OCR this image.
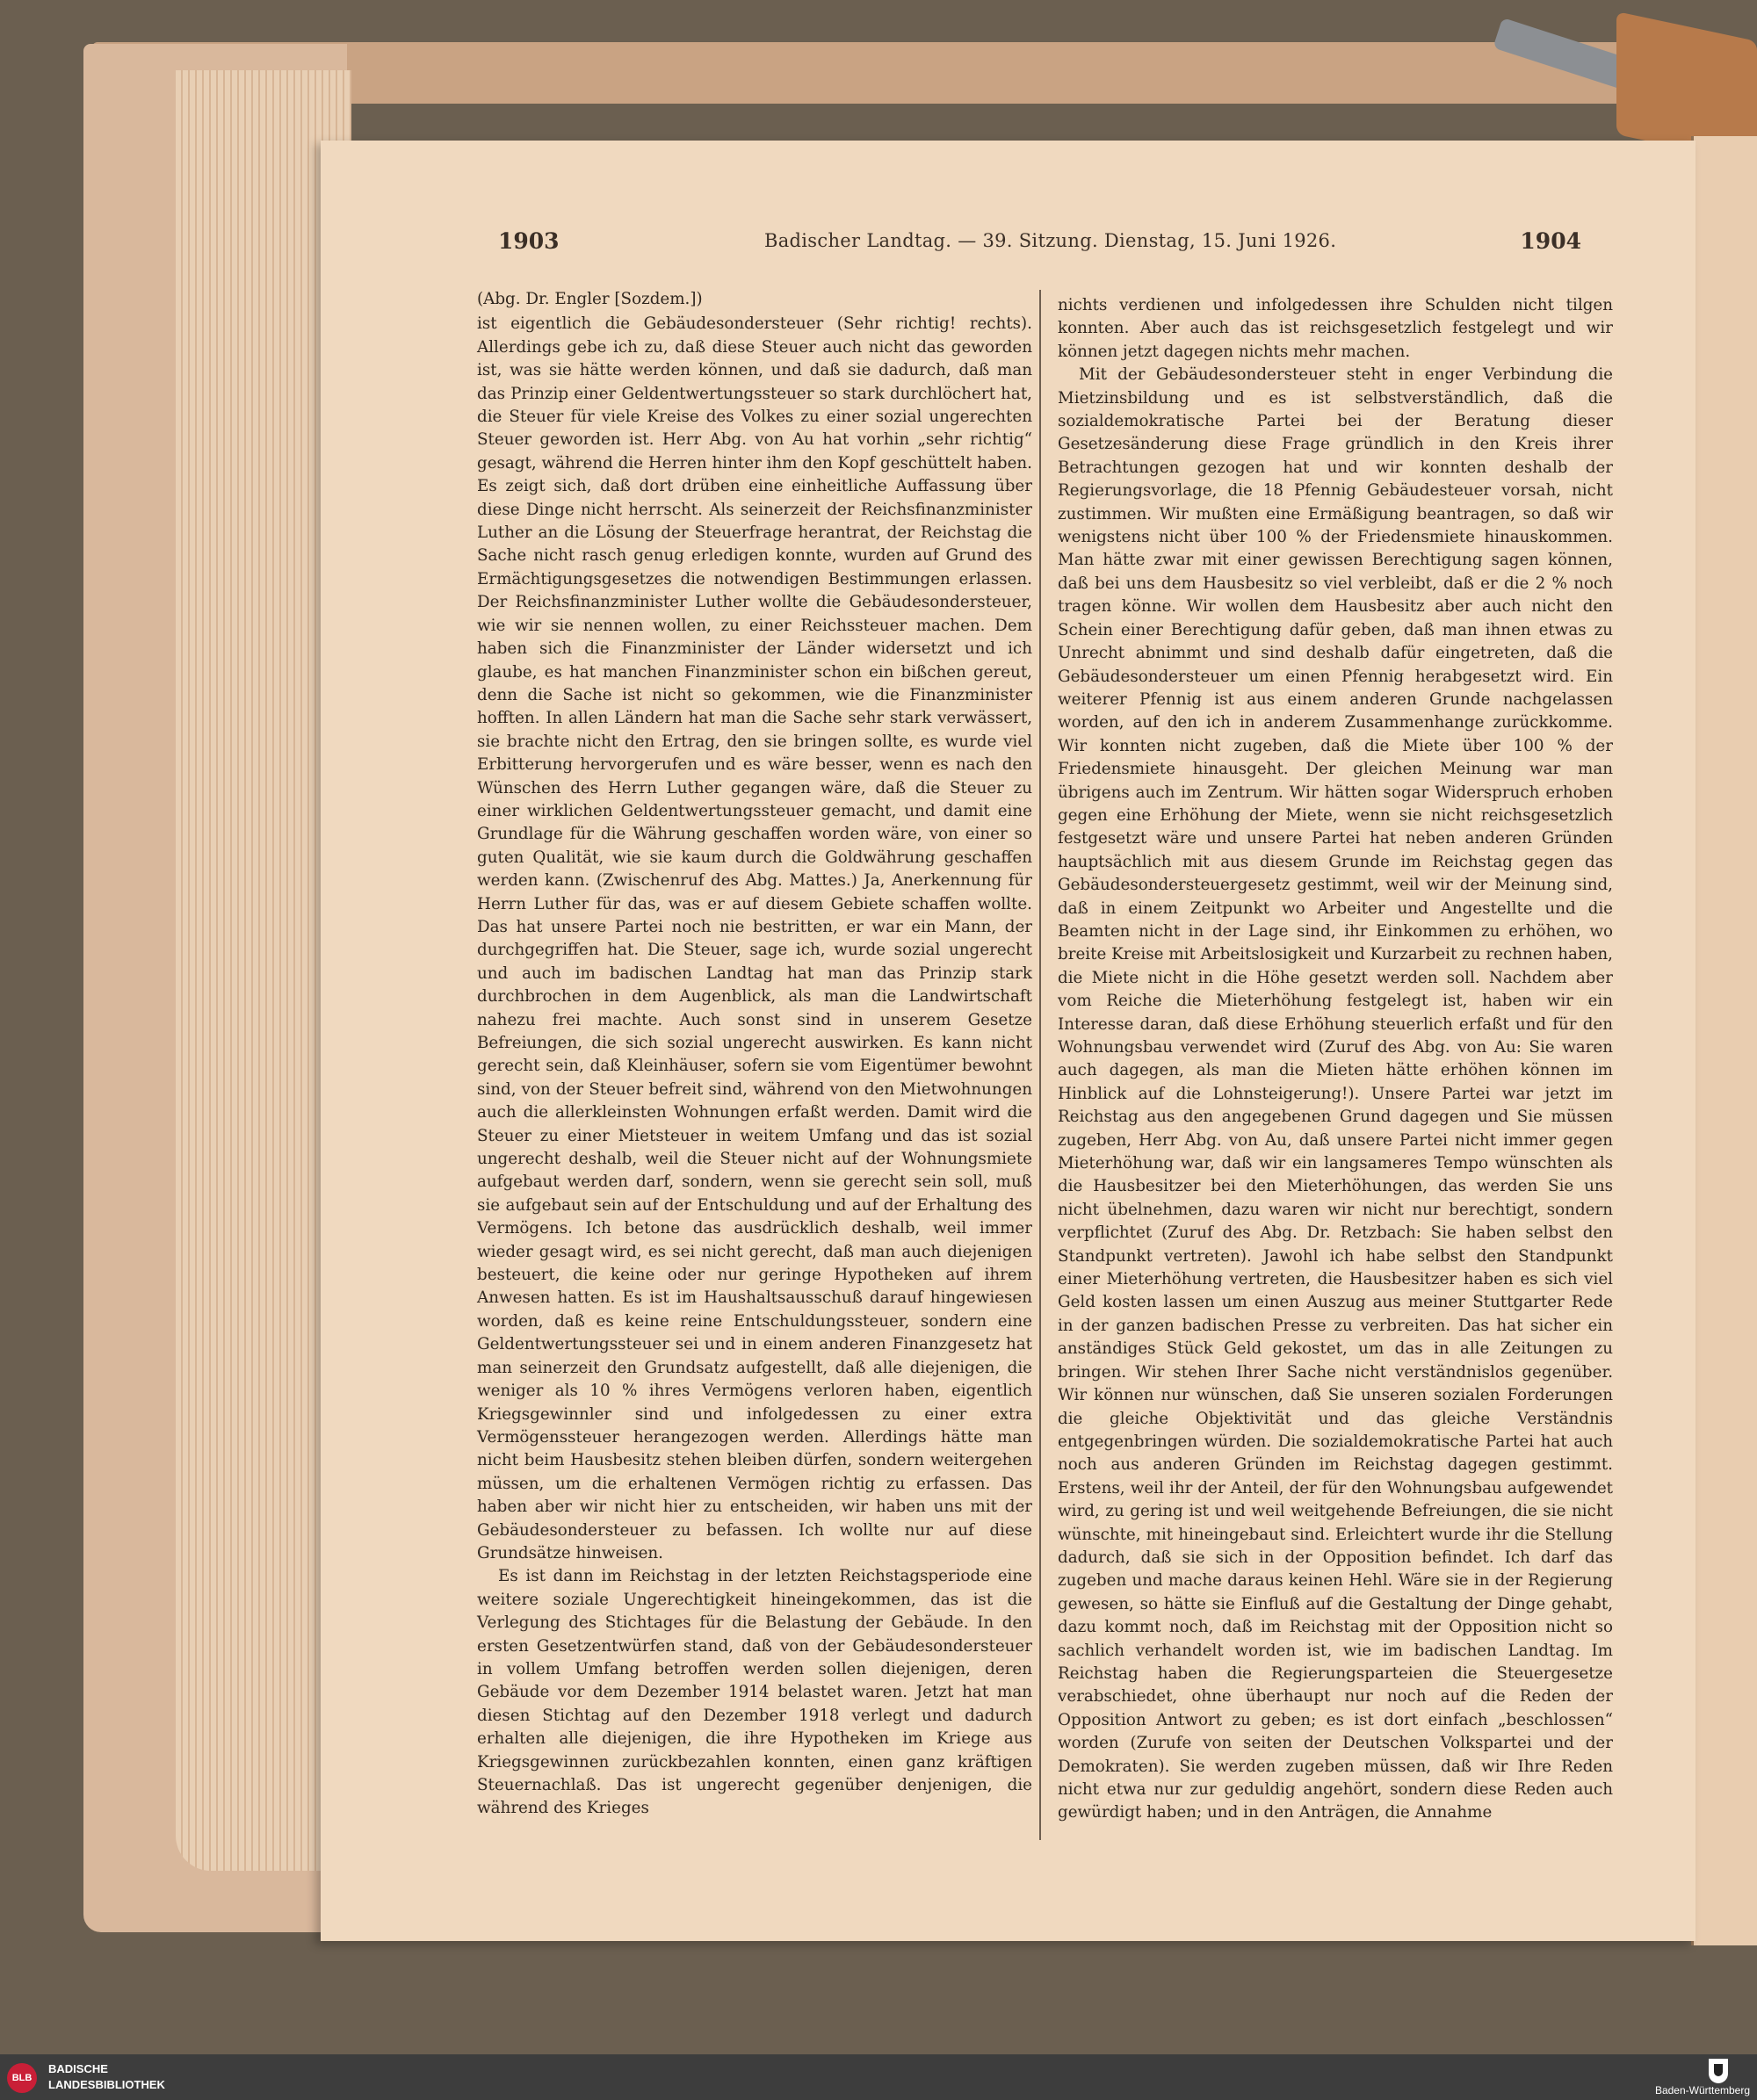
1903	Badischer Landtag. — 39. Sitzung. Dienstag, 15. Juni 1926.	1904
(Abg. Dr. Engler [Sozdem.])

ist eigentlich die Gebäudesondersteuer (Sehr richtig! rechts). Allerdings gebe ich zu, daß diese Steuer auch nicht das geworden ist, was sie hätte werden können, und daß sie dadurch, daß man das Prinzip einer Geldentwertungssteuer so stark durchlöchert hat, die Steuer für viele Kreise des Volkes zu einer sozial ungerechten Steuer geworden ist. Herr Abg. von Au hat vorhin „sehr richtig“ gesagt, während die Herren hinter ihm den Kopf geschüttelt haben. Es zeigt sich, daß dort drüben eine einheitliche Auffassung über diese Dinge nicht herrscht. Als seinerzeit der Reichsfinanzminister Luther an die Lösung der Steuerfrage herantrat, der Reichstag die Sache nicht rasch genug erledigen konnte, wurden auf Grund des Ermächtigungsgesetzes die notwendigen Bestimmungen erlassen. Der Reichsfinanzminister Luther wollte die Gebäudesondersteuer, wie wir sie nennen wollen, zu einer Reichssteuer machen. Dem haben sich die Finanzminister der Länder widersetzt und ich glaube, es hat manchen Finanzminister schon ein bißchen gereut, denn die Sache ist nicht so gekommen, wie die Finanzminister hofften. In allen Ländern hat man die Sache sehr stark verwässert, sie brachte nicht den Ertrag, den sie bringen sollte, es wurde viel Erbitterung hervorgerufen und es wäre besser, wenn es nach den Wünschen des Herrn Luther gegangen wäre, daß die Steuer zu einer wirklichen Geldentwertungssteuer gemacht, und damit eine Grundlage für die Währung geschaffen worden wäre, von einer so guten Qualität, wie sie kaum durch die Goldwährung geschaffen werden kann. (Zwischenruf des Abg. Mattes.) Ja, Anerkennung für Herrn Luther für das, was er auf diesem Gebiete schaffen wollte. Das hat unsere Partei noch nie bestritten, er war ein Mann, der durchgegriffen hat. Die Steuer, sage ich, wurde sozial ungerecht und auch im badischen Landtag hat man das Prinzip stark durchbrochen in dem Augenblick, als man die Landwirtschaft nahezu frei machte. Auch sonst sind in unserem Gesetze Befreiungen, die sich sozial ungerecht auswirken. Es kann nicht gerecht sein, daß Kleinhäuser, sofern sie vom Eigentümer bewohnt sind, von der Steuer befreit sind, während von den Mietwohnungen auch die allerkleinsten Wohnungen erfaßt werden. Damit wird die Steuer zu einer Mietsteuer in weitem Umfang und das ist sozial ungerecht deshalb, weil die Steuer nicht auf der Wohnungsmiete aufgebaut werden darf, sondern, wenn sie gerecht sein soll, muß sie aufgebaut sein auf der Entschuldung und auf der Erhaltung des Vermögens. Ich betone das ausdrücklich deshalb, weil immer wieder gesagt wird, es sei nicht gerecht, daß man auch diejenigen besteuert, die keine oder nur geringe Hypotheken auf ihrem Anwesen hatten. Es ist im Haushaltsausschuß darauf hingewiesen worden, daß es keine reine Entschuldungssteuer, sondern eine Geldentwertungssteuer sei und in einem anderen Finanzgesetz hat man seinerzeit den Grundsatz aufgestellt, daß alle diejenigen, die weniger als 10 % ihres Vermögens verloren haben, eigentlich Kriegsgewinnler sind und infolgedessen zu einer extra Vermögenssteuer herangezogen werden. Allerdings hätte man nicht beim Hausbesitz stehen bleiben dürfen, sondern weitergehen müssen, um die erhaltenen Vermögen richtig zu erfassen. Das haben aber wir nicht hier zu entscheiden, wir haben uns mit der Gebäudesondersteuer zu befassen. Ich wollte nur auf diese Grundsätze hinweisen.

Es ist dann im Reichstag in der letzten Reichstagsperiode eine weitere soziale Ungerechtigkeit hineingekommen, das ist die Verlegung des Stichtages für die Belastung der Gebäude. In den ersten Gesetzentwürfen stand, daß von der Gebäudesondersteuer in vollem Umfang betroffen werden sollen diejenigen, deren Gebäude vor dem Dezember 1914 belastet waren. Jetzt hat man diesen Stichtag auf den Dezember 1918 verlegt und dadurch erhalten alle diejenigen, die ihre Hypotheken im Kriege aus Kriegsgewinnen zurückbezahlen konnten, einen ganz kräftigen Steuernachlaß. Das ist ungerecht gegenüber denjenigen, die während des Krieges

nichts verdienen und infolgedessen ihre Schulden nicht tilgen konnten. Aber auch das ist reichsgesetzlich festgelegt und wir können jetzt dagegen nichts mehr machen.

Mit der Gebäudesondersteuer steht in enger Verbindung die Mietzinsbildung und es ist selbstverständlich, daß die sozialdemokratische Partei bei der Beratung dieser Gesetzesänderung diese Frage gründlich in den Kreis ihrer Betrachtungen gezogen hat und wir konnten deshalb der Regierungsvorlage, die 18 Pfennig Gebäudesteuer vorsah, nicht zustimmen. Wir mußten eine Ermäßigung beantragen, so daß wir wenigstens nicht über 100 % der Friedensmiete hinauskommen. Man hätte zwar mit einer gewissen Berechtigung sagen können, daß bei uns dem Hausbesitz so viel verbleibt, daß er die 2 % noch tragen könne. Wir wollen dem Hausbesitz aber auch nicht den Schein einer Berechtigung dafür geben, daß man ihnen etwas zu Unrecht abnimmt und sind deshalb dafür eingetreten, daß die Gebäudesondersteuer um einen Pfennig herabgesetzt wird. Ein weiterer Pfennig ist aus einem anderen Grunde nachgelassen worden, auf den ich in anderem Zusammenhange zurückkomme. Wir konnten nicht zugeben, daß die Miete über 100 % der Friedensmiete hinausgeht. Der gleichen Meinung war man übrigens auch im Zentrum. Wir hätten sogar Widerspruch erhoben gegen eine Erhöhung der Miete, wenn sie nicht reichsgesetzlich festgesetzt wäre und unsere Partei hat neben anderen Gründen hauptsächlich mit aus diesem Grunde im Reichstag gegen das Gebäudesondersteuergesetz gestimmt, weil wir der Meinung sind, daß in einem Zeitpunkt wo Arbeiter und Angestellte und die Beamten nicht in der Lage sind, ihr Einkommen zu erhöhen, wo breite Kreise mit Arbeitslosigkeit und Kurzarbeit zu rechnen haben, die Miete nicht in die Höhe gesetzt werden soll. Nachdem aber vom Reiche die Mieterhöhung festgelegt ist, haben wir ein Interesse daran, daß diese Erhöhung steuerlich erfaßt und für den Wohnungsbau verwendet wird (Zuruf des Abg. von Au: Sie waren auch dagegen, als man die Mieten hätte erhöhen können im Hinblick auf die Lohnsteigerung!). Unsere Partei war jetzt im Reichstag aus den angegebenen Grund dagegen und Sie müssen zugeben, Herr Abg. von Au, daß unsere Partei nicht immer gegen Mieterhöhung war, daß wir ein langsameres Tempo wünschten als die Hausbesitzer bei den Mieterhöhungen, das werden Sie uns nicht übelnehmen, dazu waren wir nicht nur berechtigt, sondern verpflichtet (Zuruf des Abg. Dr. Retzbach: Sie haben selbst den Standpunkt vertreten). Jawohl ich habe selbst den Standpunkt einer Mieterhöhung vertreten, die Hausbesitzer haben es sich viel Geld kosten lassen um einen Auszug aus meiner Stuttgarter Rede in der ganzen badischen Presse zu verbreiten. Das hat sicher ein anständiges Stück Geld gekostet, um das in alle Zeitungen zu bringen. Wir stehen Ihrer Sache nicht verständnislos gegenüber. Wir können nur wünschen, daß Sie unseren sozialen Forderungen die gleiche Objektivität und das gleiche Verständnis entgegenbringen würden. Die sozialdemokratische Partei hat auch noch aus anderen Gründen im Reichstag dagegen gestimmt. Erstens, weil ihr der Anteil, der für den Wohnungsbau aufgewendet wird, zu gering ist und weil weitgehende Befreiungen, die sie nicht wünschte, mit hineingebaut sind. Erleichtert wurde ihr die Stellung dadurch, daß sie sich in der Opposition befindet. Ich darf das zugeben und mache daraus keinen Hehl. Wäre sie in der Regierung gewesen, so hätte sie Einfluß auf die Gestaltung der Dinge gehabt, dazu kommt noch, daß im Reichstag mit der Opposition nicht so sachlich verhandelt worden ist, wie im badischen Landtag. Im Reichstag haben die Regierungsparteien die Steuergesetze verabschiedet, ohne überhaupt nur noch auf die Reden der Opposition Antwort zu geben; es ist dort einfach „beschlossen“ worden (Zurufe von seiten der Deutschen Volkspartei und der Demokraten). Sie werden zugeben müssen, daß wir Ihre Reden nicht etwa nur zur geduldig angehört, sondern diese Reden auch gewürdigt haben; und in den Anträgen, die Annahme

BLB
BADISCHE
LANDESBIBLIOTHEK	Baden-Württemberg
